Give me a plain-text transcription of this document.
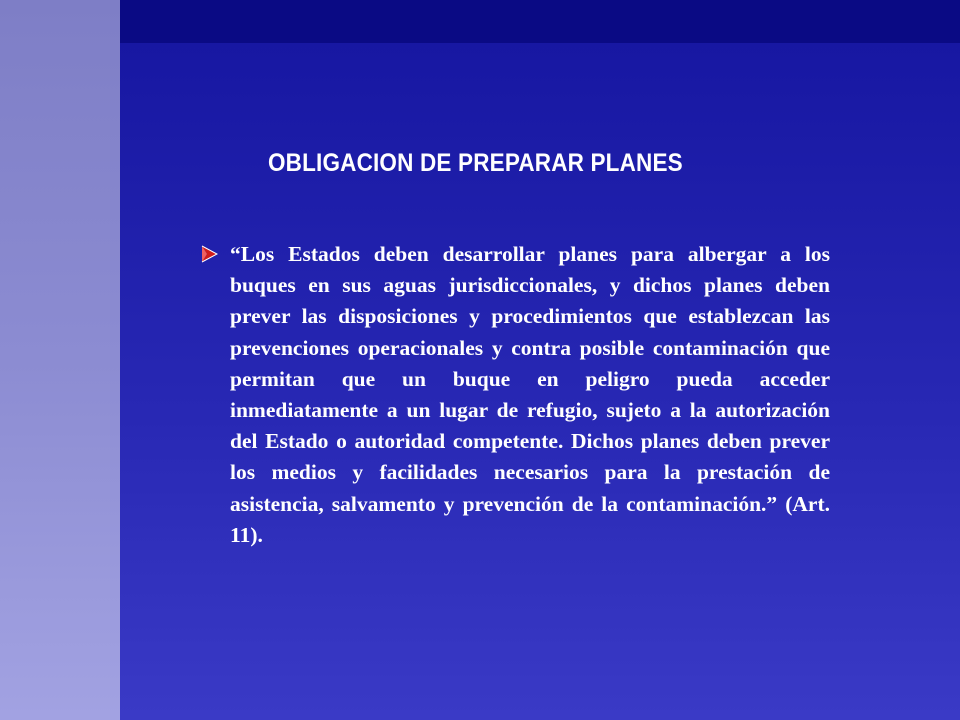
OBLIGACION DE PREPARAR PLANES
“Los Estados deben desarrollar planes para albergar a los buques en sus aguas jurisdiccionales, y dichos planes deben prever las disposiciones y procedimientos que establezcan las prevenciones operacionales y contra posible contaminación que permitan que un buque en peligro pueda acceder inmediatamente a un lugar de refugio, sujeto a la autorización del Estado o autoridad competente. Dichos planes deben prever los medios y facilidades necesarios para la prestación de asistencia, salvamento y prevención de la contaminación.” (Art. 11).
